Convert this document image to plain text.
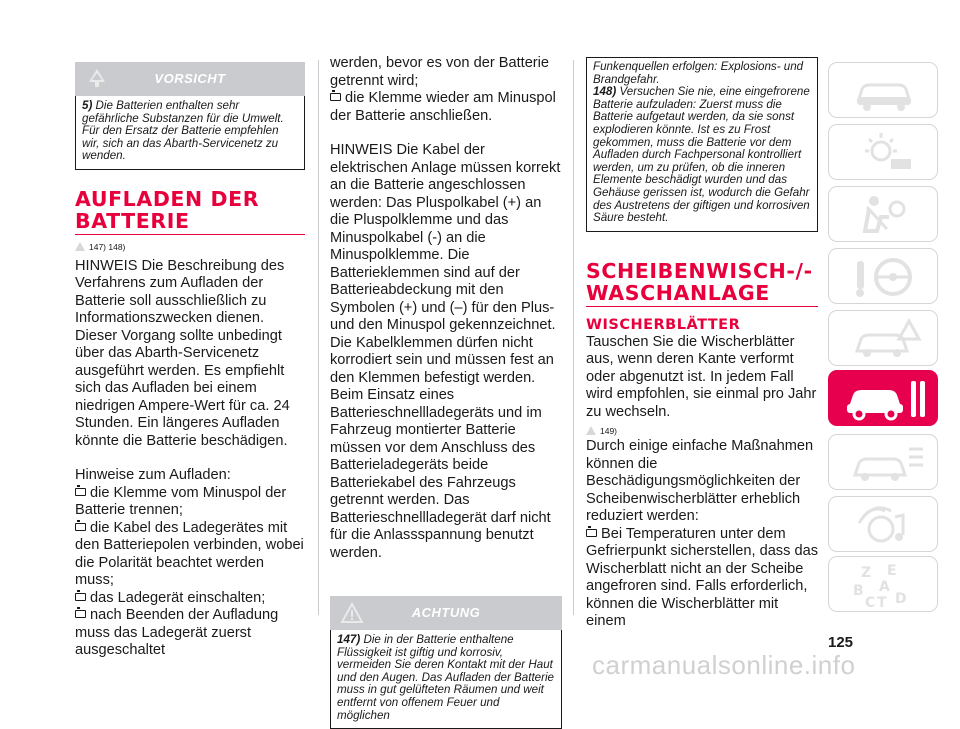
VORSICHT

5) Die Batterien enthalten sehr gefährliche Substanzen für die Umwelt. Für den Ersatz der Batterie empfehlen wir, sich an das Abarth-Servicenetz zu wenden.

AUFLADEN DER
BATTERIE
147) 148)

HINWEIS Die Beschreibung des Verfahrens zum Aufladen der Batterie soll ausschließlich zu Informationszwecken dienen. Dieser Vorgang sollte unbedingt über das Abarth-Servicenetz ausgeführt werden. Es empfiehlt sich das Aufladen bei einem niedrigen Ampere-Wert für ca. 24 Stunden. Ein längeres Aufladen könnte die Batterie beschädigen.

Hinweise zum Aufladen:

die Klemme vom Minuspol der Batterie trennen;

die Kabel des Ladegerätes mit den Batteriepolen verbinden, wobei die Polarität beachtet werden muss;

das Ladegerät einschalten;

nach Beenden der Aufladung muss das Ladegerät zuerst ausgeschaltet

werden, bevor es von der Batterie getrennt wird;

die Klemme wieder am Minuspol der Batterie anschließen.

HINWEIS Die Kabel der elektrischen Anlage müssen korrekt an die Batterie angeschlossen werden: Das Pluspolkabel (+) an die Pluspolklemme und das Minuspolkabel (-) an die Minuspolklemme. Die Batterieklemmen sind auf der Batterieabdeckung mit den Symbolen (+) und (–) für den Plus- und den Minuspol gekennzeichnet. Die Kabelklemmen dürfen nicht korrodiert sein und müssen fest an den Klemmen befestigt werden. Beim Einsatz eines Batterieschnellladegeräts und im Fahrzeug montierter Batterie müssen vor dem Anschluss des Batterieladegeräts beide Batteriekabel des Fahrzeugs getrennt werden. Das Batterieschnellladegerät darf nicht für die Anlassspannung benutzt werden.

ACHTUNG

147) Die in der Batterie enthaltene Flüssigkeit ist giftig und korrosiv, vermeiden Sie deren Kontakt mit der Haut und den Augen. Das Aufladen der Batterie muss in gut gelüfteten Räumen und weit entfernt von offenem Feuer und möglichen

Funkenquellen erfolgen: Explosions- und Brandgefahr.

148) Versuchen Sie nie, eine eingefrorene Batterie aufzuladen: Zuerst muss die Batterie aufgetaut werden, da sie sonst explodieren könnte. Ist es zu Frost gekommen, muss die Batterie vor dem Aufladen durch Fachpersonal kontrolliert werden, um zu prüfen, ob die inneren Elemente beschädigt wurden und das Gehäuse gerissen ist, wodurch die Gefahr des Austretens der giftigen und korrosiven Säure besteht.

SCHEIBENWISCH-/-
WASCHANLAGE
WISCHERBLÄTTER

Tauschen Sie die Wischerblätter aus, wenn deren Kante verformt oder abgenutzt ist. In jedem Fall wird empfohlen, sie einmal pro Jahr zu wechseln.

149)

Durch einige einfache Maßnahmen können die Beschädigungsmöglichkeiten der Scheibenwischerblätter erheblich reduziert werden:

Bei Temperaturen unter dem Gefrierpunkt sicherstellen, dass das Wischerblatt nicht an der Scheibe angefroren sind. Falls erforderlich, können die Wischerblätter mit einem

Z E
B A
C D
T
125
carmanualsonline.info
